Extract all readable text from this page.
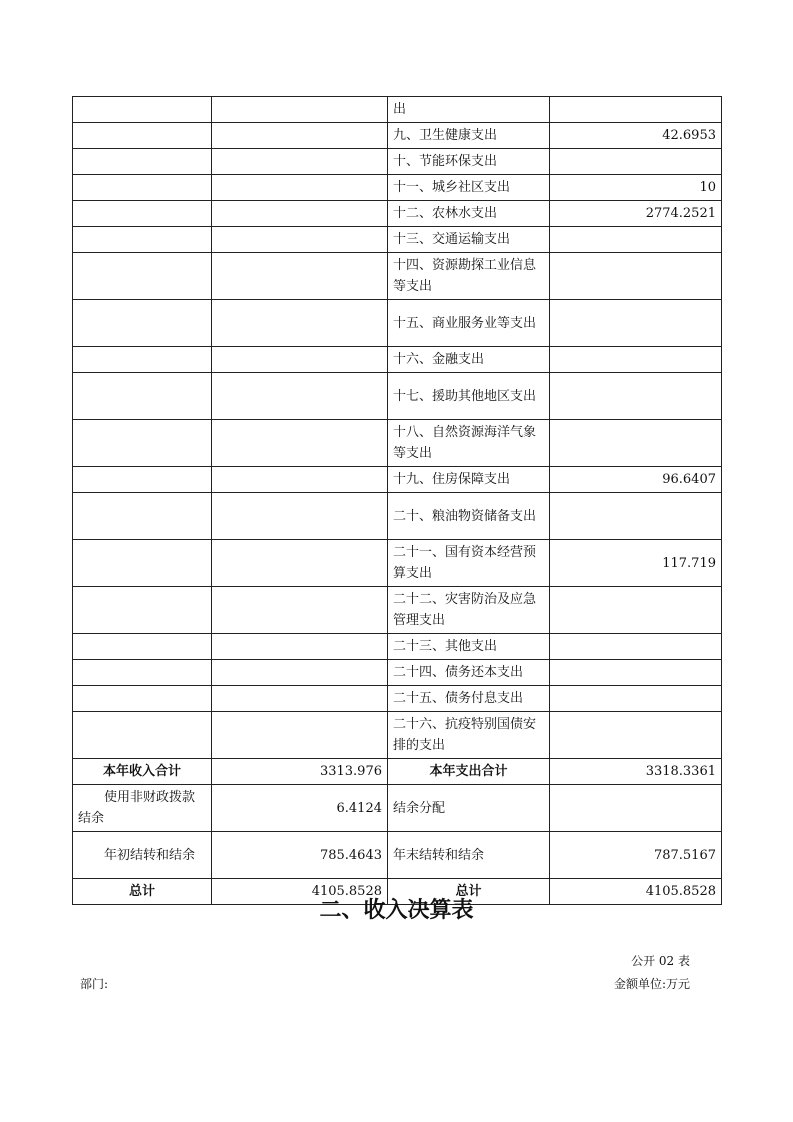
		出	
		九、卫生健康支出	42.6953
		十、节能环保支出	
		十一、城乡社区支出	10
		十二、农林水支出	2774.2521
		十三、交通运输支出	
		十四、资源勘探工业信息等支出	
		十五、商业服务业等支出	
		十六、金融支出	
		十七、援助其他地区支出	
		十八、自然资源海洋气象等支出	
		十九、住房保障支出	96.6407
		二十、粮油物资储备支出	
		二十一、国有资本经营预算支出	117.719
		二十二、灾害防治及应急管理支出	
		二十三、其他支出	
		二十四、债务还本支出	
		二十五、债务付息支出	
		二十六、抗疫特别国债安排的支出	
本年收入合计	3313.976	本年支出合计	3318.3361
使用非财政拨款结余	6.4124	结余分配	
年初结转和结余	785.4643	年末结转和结余	787.5167
总计	4105.8528	总计	4105.8528
二、收入决算表
公开 02 表
部门:	金额单位:万元
